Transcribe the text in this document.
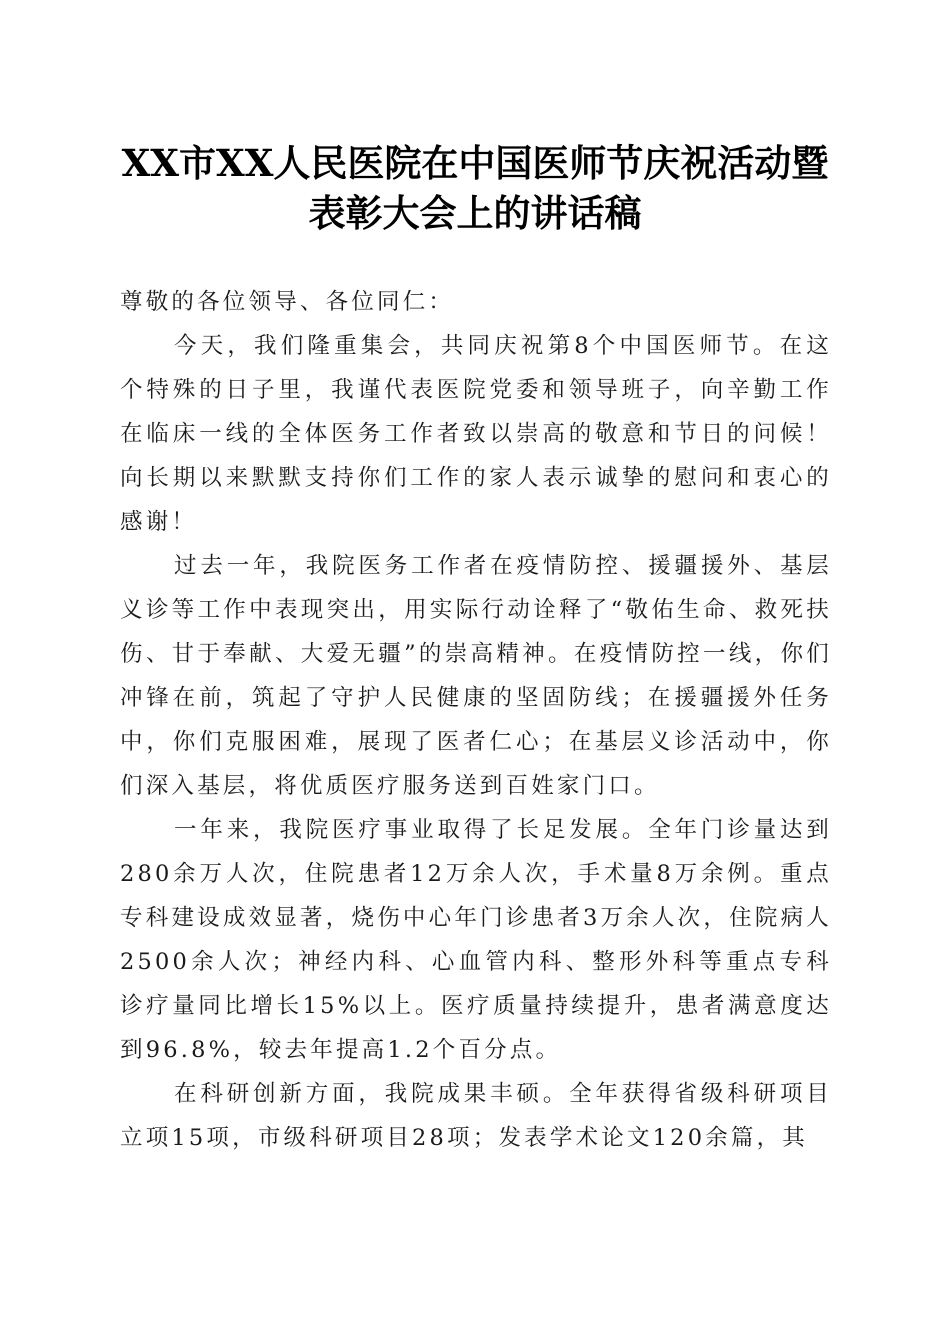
XX市XX人民医院在中国医师节庆祝活动暨
表彰大会上的讲话稿

尊敬的各位领导、各位同仁：

今天，我们隆重集会，共同庆祝第8个中国医师节。在这个特殊的日子里，我谨代表医院党委和领导班子，向辛勤工作在临床一线的全体医务工作者致以崇高的敬意和节日的问候！向长期以来默默支持你们工作的家人表示诚挚的慰问和衷心的感谢！

过去一年，我院医务工作者在疫情防控、援疆援外、基层义诊等工作中表现突出，用实际行动诠释了“敬佑生命、救死扶伤、甘于奉献、大爱无疆”的崇高精神。在疫情防控一线，你们冲锋在前，筑起了守护人民健康的坚固防线；在援疆援外任务中，你们克服困难，展现了医者仁心；在基层义诊活动中，你们深入基层，将优质医疗服务送到百姓家门口。

一年来，我院医疗事业取得了长足发展。全年门诊量达到280余万人次，住院患者12万余人次，手术量8万余例。重点专科建设成效显著，烧伤中心年门诊患者3万余人次，住院病人2500余人次；神经内科、心血管内科、整形外科等重点专科诊疗量同比增长15%以上。医疗质量持续提升，患者满意度达到96.8%，较去年提高1.2个百分点。

在科研创新方面，我院成果丰硕。全年获得省级科研项目立项15项，市级科研项目28项；发表学术论文120余篇，其
